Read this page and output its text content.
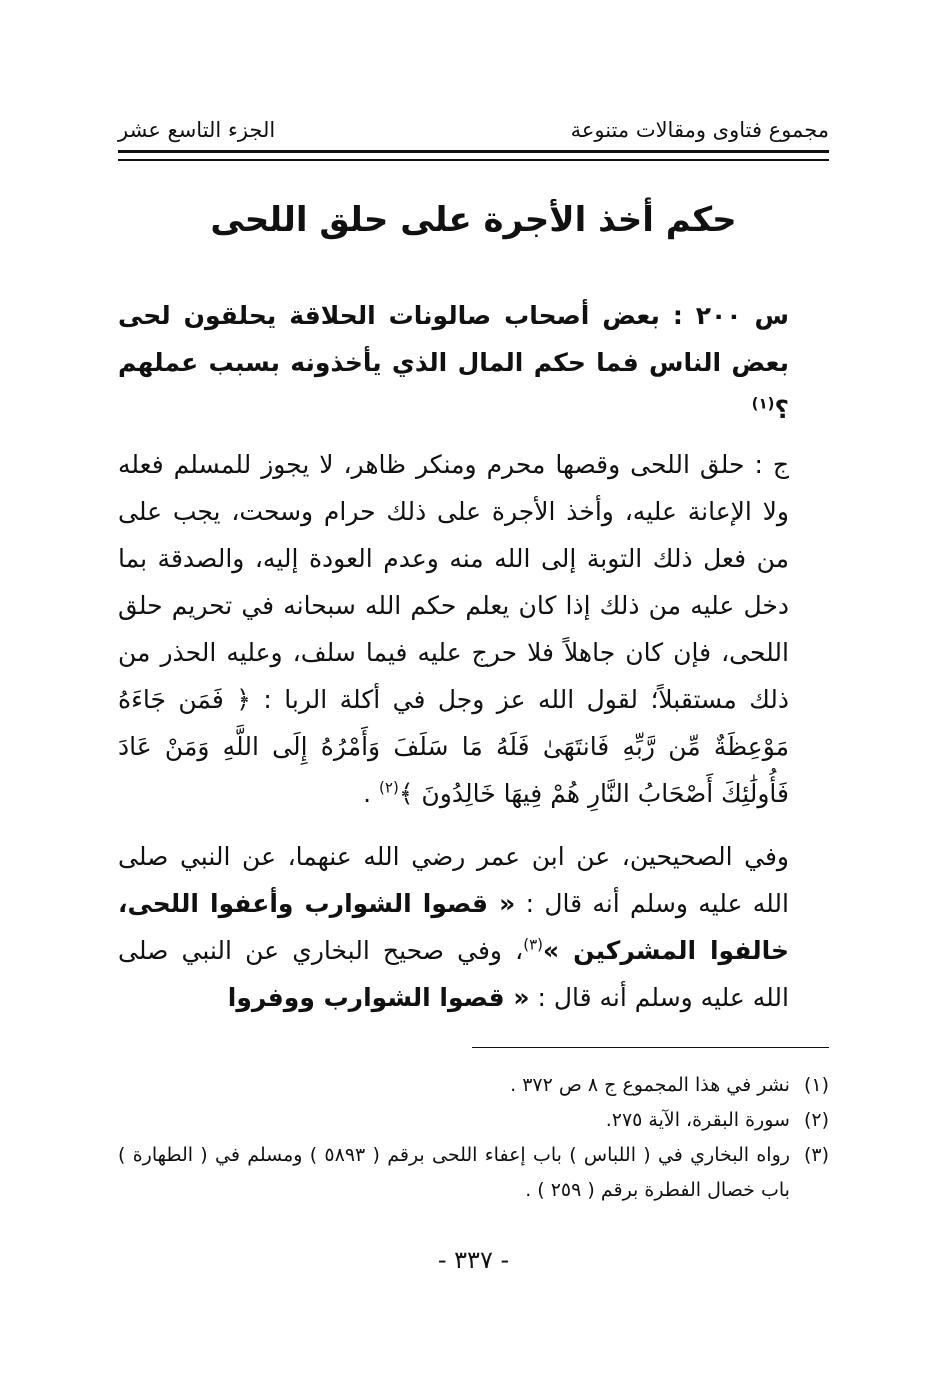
مجموع فتاوى ومقالات متنوعة
الجزء التاسع عشر
حكم أخذ الأجرة على حلق اللحى

س ٢٠٠ : بعض أصحاب صالونات الحلاقة يحلقون لحى بعض الناس فما حكم المال الذي يأخذونه بسبب عملهم ؟$^{(١)}$

ج : حلق اللحى وقصها محرم ومنكر ظاهر، لا يجوز للمسلم فعله ولا الإعانة عليه، وأخذ الأجرة على ذلك حرام وسحت، يجب على من فعل ذلك التوبة إلى الله منه وعدم العودة إليه، والصدقة بما دخل عليه من ذلك إذا كان يعلم حكم الله سبحانه في تحريم حلق اللحى، فإن كان جاهلاً فلا حرج عليه فيما سلف، وعليه الحذر من ذلك مستقبلاً؛ لقول الله عز وجل في أكلة الربا : ﴿ فَمَن جَاءَهُ مَوْعِظَةٌ مِّن رَّبِّهِ فَانتَهَىٰ فَلَهُ مَا سَلَفَ وَأَمْرُهُ إِلَى اللَّهِ وَمَنْ عَادَ فَأُولَٰئِكَ أَصْحَابُ النَّارِ هُمْ فِيهَا خَالِدُونَ ﴾$^{(٢)}$ .

وفي الصحيحين، عن ابن عمر رضي الله عنهما، عن النبي صلى الله عليه وسلم أنه قال : « قصوا الشوارب وأعفوا اللحى، خالفوا المشركين »$^{(٣)}$، وفي صحيح البخاري عن النبي صلى الله عليه وسلم أنه قال : « قصوا الشوارب ووفروا

(١)
نشر في هذا المجموع ج ٨ ص ٣٧٢ .
(٢)
سورة البقرة، الآية ٢٧٥.
(٣)
رواه البخاري في ( اللباس ) باب إعفاء اللحى برقم ( ٥٨٩٣ ) ومسلم في ( الطهارة ) باب خصال الفطرة برقم ( ٢٥٩ ) .
- ٣٣٧ -
